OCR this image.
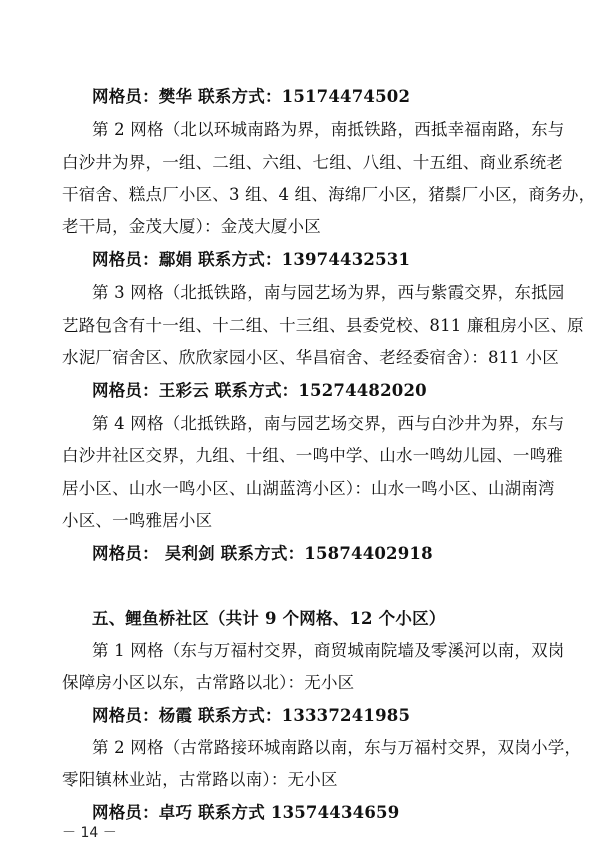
网格员：樊华 联系方式：15174474502
第 2 网格（北以环城南路为界，南抵铁路，西抵幸福南路，东与
白沙井为界，一组、二组、六组、七组、八组、十五组、商业系统老
干宿舍、糕点厂小区、3 组、4 组、海绵厂小区，猪鬃厂小区，商务办，
老干局，金茂大厦）：金茂大厦小区
网格员：鄢娟 联系方式：13974432531
第 3 网格（北抵铁路，南与园艺场为界，西与紫霞交界，东抵园
艺路包含有十一组、十二组、十三组、县委党校、811 廉租房小区、原
水泥厂宿舍区、欣欣家园小区、华昌宿舍、老经委宿舍）：811 小区
网格员：王彩云 联系方式：15274482020
第 4 网格（北抵铁路，南与园艺场交界，西与白沙井为界，东与
白沙井社区交界，九组、十组、一鸣中学、山水一鸣幼儿园、一鸣雅
居小区、山水一鸣小区、山湖蓝湾小区）：山水一鸣小区、山湖南湾
小区、一鸣雅居小区
网格员： 吴利剑 联系方式：15874402918
五、鲤鱼桥社区（共计 9 个网格、12 个小区）
第 1 网格（东与万福村交界，商贸城南院墙及零溪河以南，双岗
保障房小区以东，古常路以北）：无小区
网格员：杨霞 联系方式：13337241985
第 2 网格（古常路接环城南路以南，东与万福村交界，双岗小学，
零阳镇林业站，古常路以南）：无小区
网格员：卓巧 联系方式 13574434659
－ 14 －
